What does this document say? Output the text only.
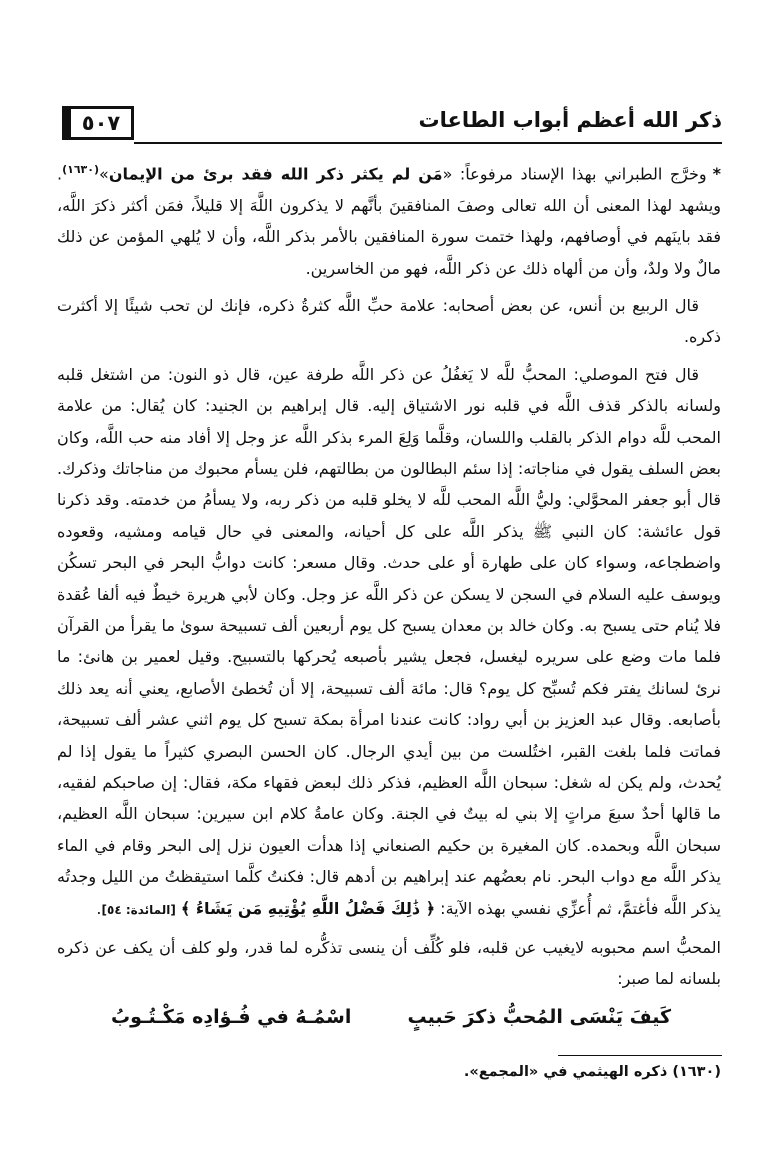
ذكر الله أعظم أبواب الطاعات
٥٠٧

*وخرَّج الطبراني بهذا الإسناد مرفوعاً: «مَن لم يكثر ذكر الله فقد برئ من الإيمان»$^{(١٦٣٠)}$. ويشهد لهذا المعنى أن الله تعالى وصفَ المنافقينَ بأنَّهم لا يذكرون اللَّهَ إلا قليلاً، فمَن أكثر ذكرَ اللَّه، فقد باينَهم في أوصافهم، ولهذا ختمت سورة المنافقين بالأمر بذكر اللَّه، وأن لا يُلهي المؤمن عن ذلك مالٌ ولا ولدٌ، وأن من ألهاه ذلك عن ذكر اللَّه، فهو من الخاسرين.

قال الربيع بن أنس، عن بعض أصحابه: علامة حبِّ اللَّه كثرةُ ذكره، فإنك لن تحب شيئًا إلا أكثرت ذكره.

قال فتح الموصلي: المحبُّ للَّه لا يَغفُلُ عن ذكر اللَّه طرفة عين، قال ذو النون: من اشتغل قلبه ولسانه بالذكر قذف اللَّه في قلبه نور الاشتياق إليه. قال إبراهيم بن الجنيد: كان يُقال: من علامة المحب للَّه دوام الذكر بالقلب واللسان، وقلَّما وَلِعَ المرء بذكر اللَّه عز وجل إلا أفاد منه حب اللَّه، وكان بعض السلف يقول في مناجاته: إذا سئم البطالون من بطالتهم، فلن يسأم محبوك من مناجاتك وذكرك. قال أبو جعفر المحوَّلي: وليُّ اللَّه المحب للَّه لا يخلو قلبه من ذكر ربه، ولا يسأمُ من خدمته. وقد ذكرنا قول عائشة: كان النبي ﷺ يذكر اللَّه على كل أحيانه، والمعنى في حال قيامه ومشيه، وقعوده واضطجاعه، وسواء كان على طهارة أو على حدث. وقال مسعر: كانت دوابُّ البحر في البحر تسكُن ويوسف عليه السلام في السجن لا يسكن عن ذكر اللَّه عز وجل. وكان لأبي هريرة خيطٌ فيه ألفا عُقدة فلا يُنام حتى يسبح به. وكان خالد بن معدان يسبح كل يوم أربعين ألف تسبيحة سوىٰ ما يقرأ من القرآن فلما مات وضع على سريره ليغسل، فجعل يشير بأصبعه يُحركها بالتسبيح. وقيل لعمير بن هانئ: ما نرئ لسانك يفتر فكم تُسبِّح كل يوم؟ قال: مائة ألف تسبيحة، إلا أن تُخطئ الأصابع، يعني أنه يعد ذلك بأصابعه. وقال عبد العزيز بن أبي رواد: كانت عندنا امرأة بمكة تسبح كل يوم اثني عشر ألف تسبيحة، فماتت فلما بلغت القبر، اختُلست من بين أيدي الرجال. كان الحسن البصري كثيراً ما يقول إذا لم يُحدث، ولم يكن له شغل: سبحان اللَّه العظيم، فذكر ذلك لبعض فقهاء مكة، فقال: إن صاحبكم لفقيه، ما قالها أحدٌ سبعَ مراتٍ إلا بني له بيتٌ في الجنة. وكان عامةُ كلام ابن سيرين: سبحان اللَّه العظيم، سبحان اللَّه وبحمده. كان المغيرة بن حكيم الصنعاني إذا هدأت العيون نزل إلى البحر وقام في الماء يذكر اللَّه مع دواب البحر. نام بعضُهم عند إبراهيم بن أدهم قال: فكنتُ كلَّما استيقظتُ من الليل وجدتُه يذكر اللَّه فأغتمَّ، ثم أُعزِّي نفسي بهذه الآية: ﴿ ذَٰلِكَ فَضْلُ اللَّهِ يُؤْتِيهِ مَن يَشَاءُ ﴾ [المائدة: ٥٤].

المحبُّ اسم محبوبه لايغيب عن قلبه، فلو كُلِّف أن ينسى تذكُّره لما قدر، ولو كلف أن يكف عن ذكره بلسانه لما صبر:

كَيفَ يَنْسَى المُحبُّ ذكرَ حَبيبٍ
اسْمُـهُ في فُـؤادِه مَكْـتُـوبُ
(١٦٣٠) ذكره الهيثمي في «المجمع».
